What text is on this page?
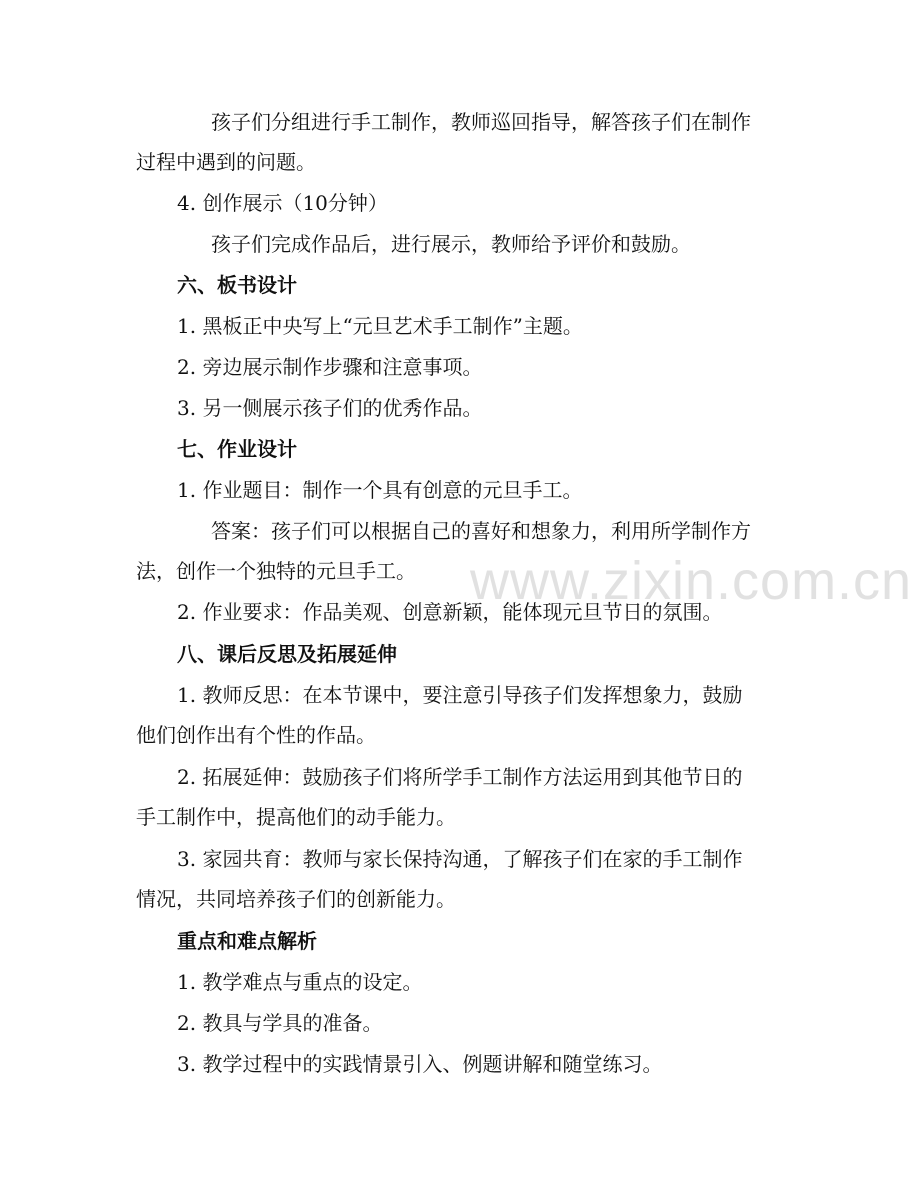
孩子们分组进行手工制作，教师巡回指导，解答孩子们在制作
过程中遇到的问题。
4. 创作展示（10分钟）
孩子们完成作品后，进行展示，教师给予评价和鼓励。
六、板书设计
1. 黑板正中央写上“元旦艺术手工制作”主题。
2. 旁边展示制作步骤和注意事项。
3. 另一侧展示孩子们的优秀作品。
七、作业设计
1. 作业题目：制作一个具有创意的元旦手工。
答案：孩子们可以根据自己的喜好和想象力，利用所学制作方
法，创作一个独特的元旦手工。
2. 作业要求：作品美观、创意新颖，能体现元旦节日的氛围。
八、课后反思及拓展延伸
1. 教师反思：在本节课中，要注意引导孩子们发挥想象力，鼓励
他们创作出有个性的作品。
2. 拓展延伸：鼓励孩子们将所学手工制作方法运用到其他节日的
手工制作中，提高他们的动手能力。
3. 家园共育：教师与家长保持沟通，了解孩子们在家的手工制作
情况，共同培养孩子们的创新能力。
重点和难点解析
1. 教学难点与重点的设定。
2. 教具与学具的准备。
3. 教学过程中的实践情景引入、例题讲解和随堂练习。
www.zixin.com.cn
